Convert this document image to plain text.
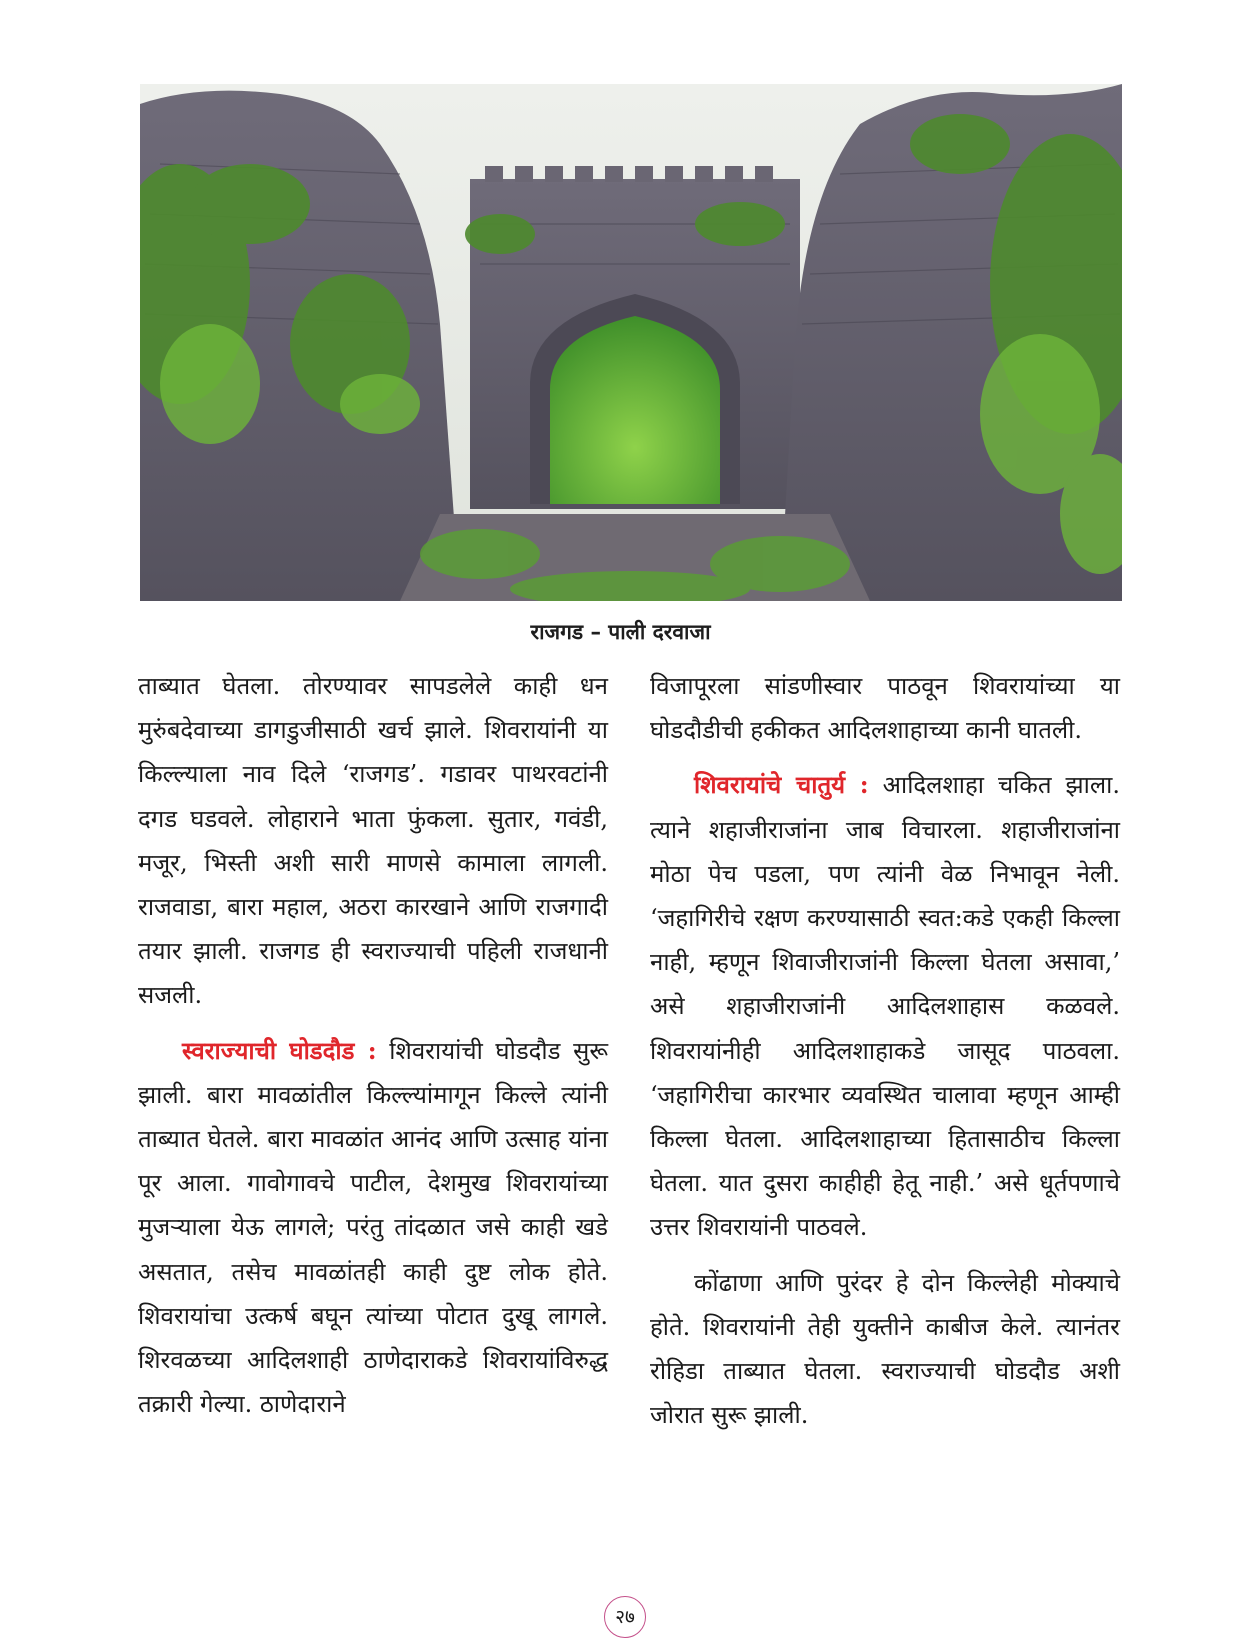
राजगड – पाली दरवाजा

ताब्यात घेतला. तोरण्यावर सापडलेले काही धन मुरुंबदेवाच्या डागडुजीसाठी खर्च झाले. शिवरायांनी या किल्ल्याला नाव दिले ‘राजगड’. गडावर पाथरवटांनी दगड घडवले. लोहाराने भाता फुंकला. सुतार, गवंडी, मजूर, भिस्ती अशी सारी माणसे कामाला लागली. राजवाडा, बारा महाल, अठरा कारखाने आणि राजगादी तयार झाली. राजगड ही स्वराज्याची पहिली राजधानी सजली.

स्वराज्याची घोडदौड : शिवरायांची घोडदौड सुरू झाली. बारा मावळांतील किल्ल्यांमागून किल्ले त्यांनी ताब्यात घेतले. बारा मावळांत आनंद आणि उत्साह यांना पूर आला. गावोगावचे पाटील, देशमुख शिवरायांच्या मुजऱ्याला येऊ लागले; परंतु तांदळात जसे काही खडे असतात, तसेच मावळांतही काही दुष्ट लोक होते. शिवरायांचा उत्कर्ष बघून त्यांच्या पोटात दुखू लागले. शिरवळच्या आदिलशाही ठाणेदाराकडे शिवरायांविरुद्ध तक्रारी गेल्या. ठाणेदाराने

विजापूरला सांडणीस्वार पाठवून शिवरायांच्या या घोडदौडीची हकीकत आदिलशाहाच्या कानी घातली.

शिवरायांचे चातुर्य : आदिलशाहा चकित झाला. त्याने शहाजीराजांना जाब विचारला. शहाजीराजांना मोठा पेच पडला, पण त्यांनी वेळ निभावून नेली. ‘जहागिरीचे रक्षण करण्यासाठी स्वत:कडे एकही किल्ला नाही, म्हणून शिवाजीराजांनी किल्ला घेतला असावा,’ असे शहाजीराजांनी आदिलशाहास कळवले. शिवरायांनीही आदिलशाहाकडे जासूद पाठवला. ‘जहागिरीचा कारभार व्यवस्थित चालावा म्हणून आम्ही किल्ला घेतला. आदिलशाहाच्या हितासाठीच किल्ला घेतला. यात दुसरा काहीही हेतू नाही.’ असे धूर्तपणाचे उत्तर शिवरायांनी पाठवले.

कोंढाणा आणि पुरंदर हे दोन किल्लेही मोक्याचे होते. शिवरायांनी तेही युक्तीने काबीज केले. त्यानंतर रोहिडा ताब्यात घेतला. स्वराज्याची घोडदौड अशी जोरात सुरू झाली.

२७
